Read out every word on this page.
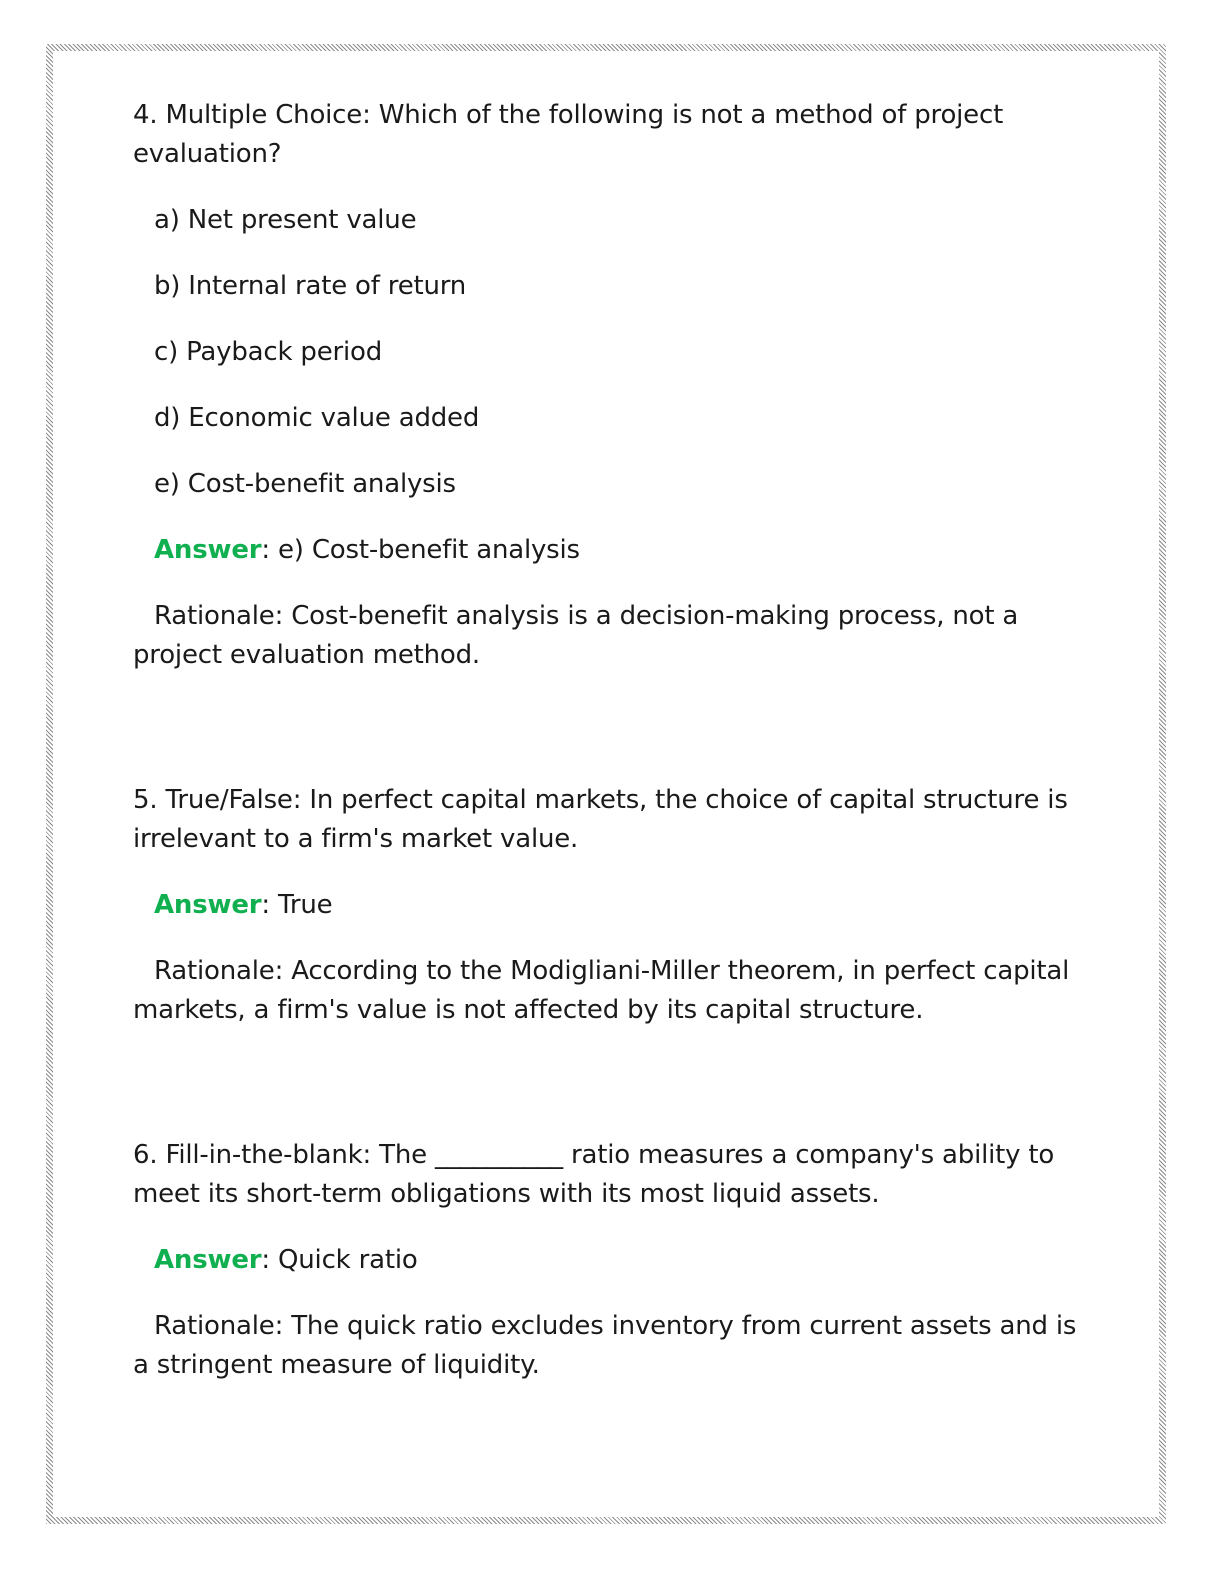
4. Multiple Choice: Which of the following is not a method of project evaluation?

a) Net present value

b) Internal rate of return

c) Payback period

d) Economic value added

e) Cost-benefit analysis

Answer: e) Cost-benefit analysis

Rationale: Cost-benefit analysis is a decision-making process, not a project evaluation method.

5. True/False: In perfect capital markets, the choice of capital structure is irrelevant to a firm's market value.

Answer: True

Rationale: According to the Modigliani-Miller theorem, in perfect capital markets, a firm's value is not affected by its capital structure.

6. Fill-in-the-blank: The __________ ratio measures a company's ability to meet its short-term obligations with its most liquid assets.

Answer: Quick ratio

Rationale: The quick ratio excludes inventory from current assets and is a stringent measure of liquidity.
